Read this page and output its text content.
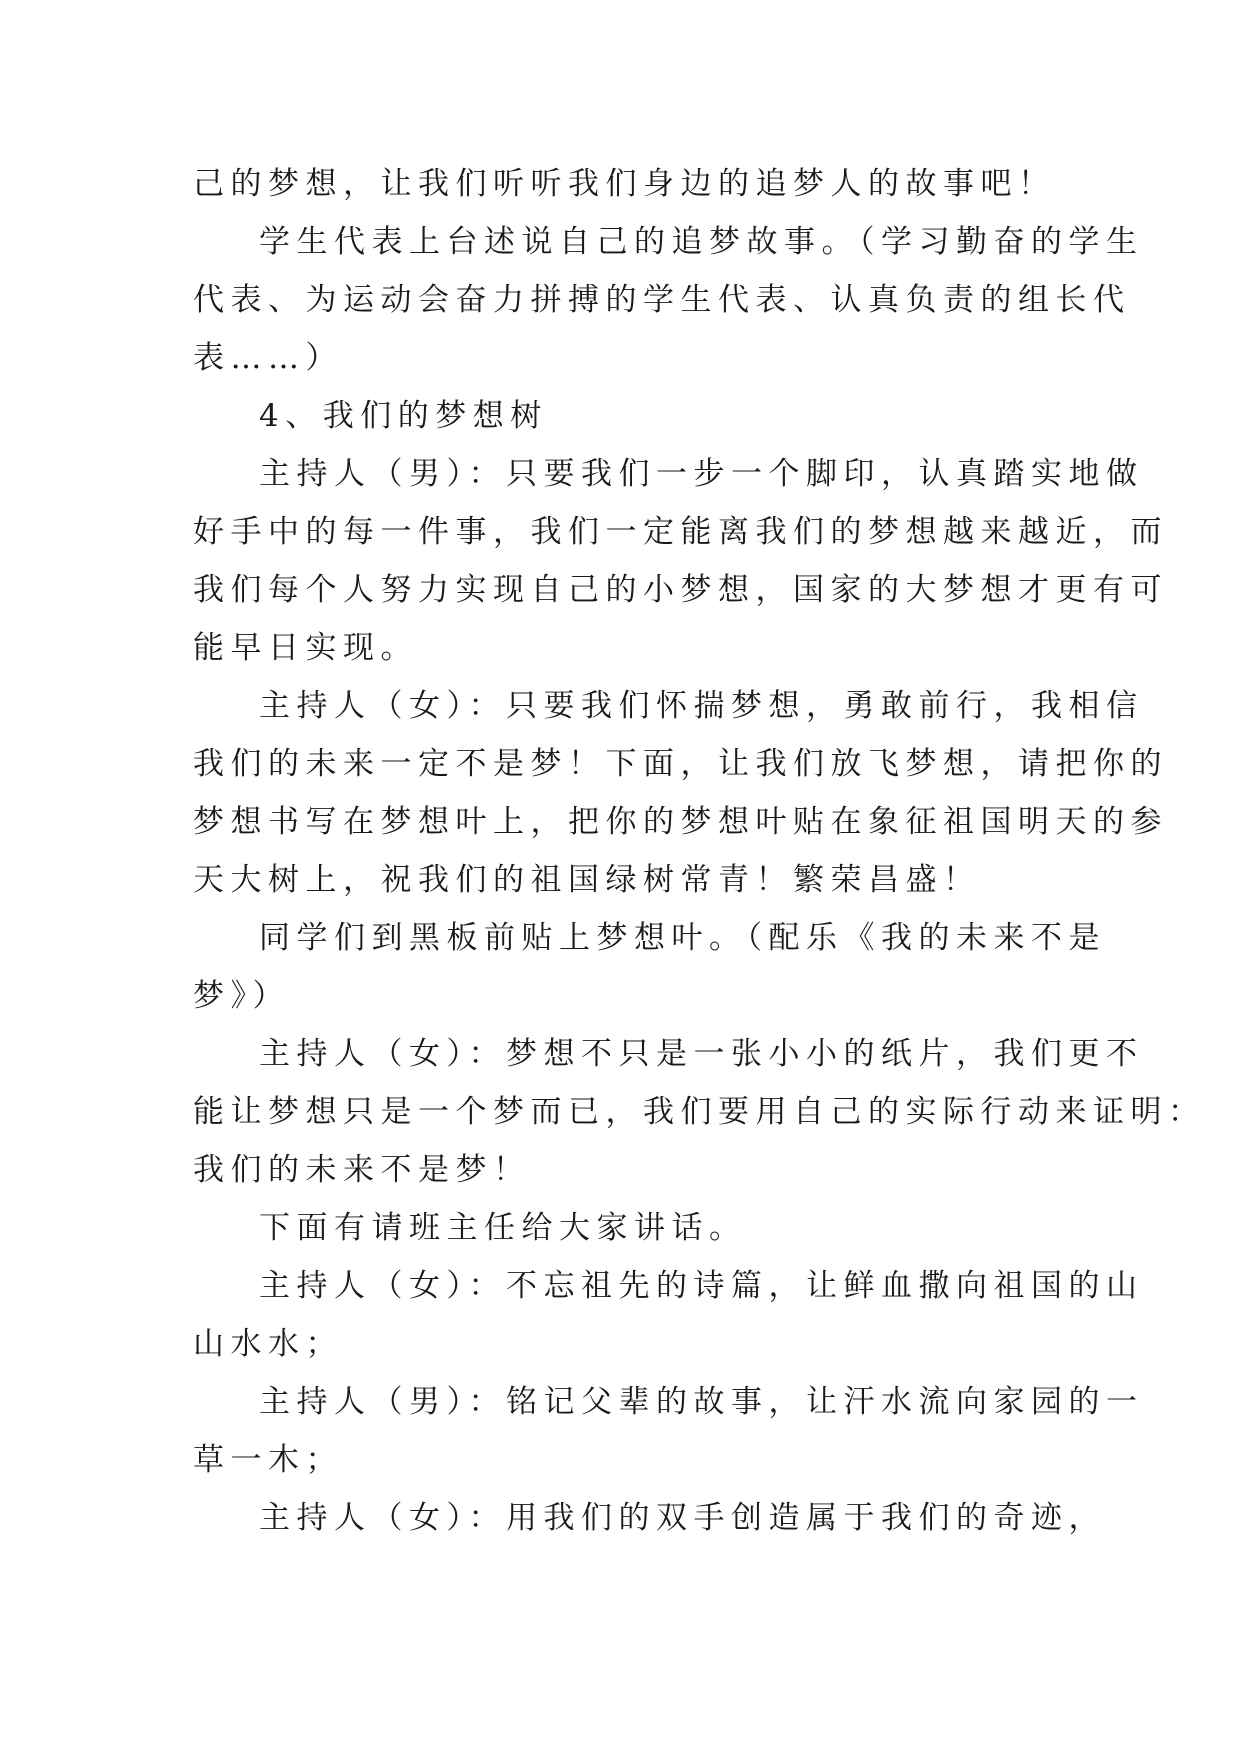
己的梦想，让我们听听我们身边的追梦人的故事吧！
学生代表上台述说自己的追梦故事。（学习勤奋的学生
代表、为运动会奋力拼搏的学生代表、认真负责的组长代
表……）
4、我们的梦想树
主持人（男）：只要我们一步一个脚印，认真踏实地做
好手中的每一件事，我们一定能离我们的梦想越来越近，而
我们每个人努力实现自己的小梦想，国家的大梦想才更有可
能早日实现。
主持人（女）：只要我们怀揣梦想，勇敢前行，我相信
我们的未来一定不是梦！下面，让我们放飞梦想，请把你的
梦想书写在梦想叶上，把你的梦想叶贴在象征祖国明天的参
天大树上，祝我们的祖国绿树常青！繁荣昌盛！
同学们到黑板前贴上梦想叶。（配乐《我的未来不是
梦》）
主持人（女）：梦想不只是一张小小的纸片，我们更不
能让梦想只是一个梦而已，我们要用自己的实际行动来证明：
我们的未来不是梦！
下面有请班主任给大家讲话。
主持人（女）：不忘祖先的诗篇，让鲜血撒向祖国的山
山水水；
主持人（男）：铭记父辈的故事，让汗水流向家园的一
草一木；
主持人（女）：用我们的双手创造属于我们的奇迹，
